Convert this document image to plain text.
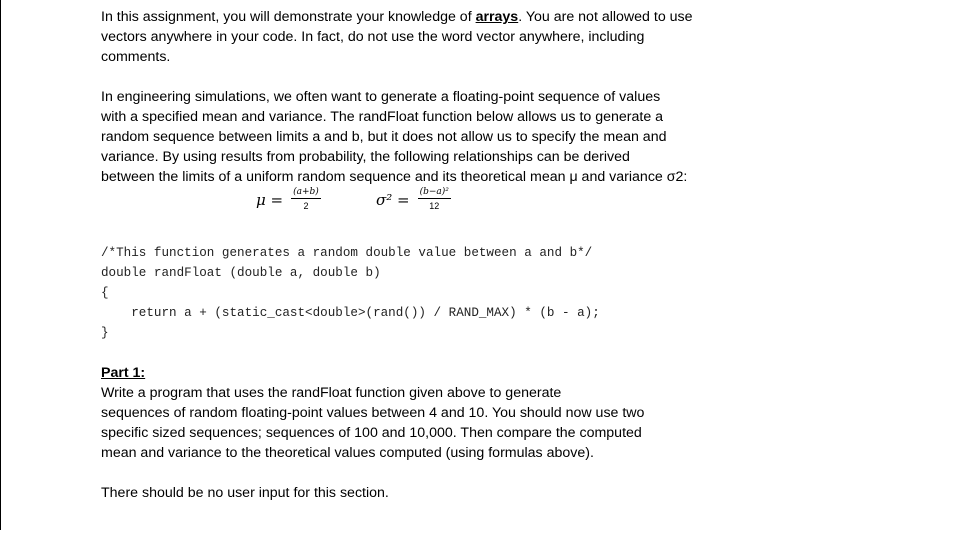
In this assignment, you will demonstrate your knowledge of arrays. You are not allowed to use
vectors anywhere in your code. In fact, do not use the word vector anywhere, including
comments.
In engineering simulations, we often want to generate a floating-point sequence of values
with a specified mean and variance. The randFloat function below allows us to generate a
random sequence between limits a and b, but it does not allow us to specify the mean and
variance. By using results from probability, the following relationships can be derived
between the limits of a uniform random sequence and its theoretical mean μ and variance σ2:
$\mu = \frac{(a+b)}{2}$	$\sigma^2 = \frac{\text{(b−a)²}}{12}$
/*This function generates a random double value between a and b*/
double randFloat (double a, double b)
{
return a + (static_cast<double>(rand()) / RAND_MAX) * (b - a);
}
Part 1:
Write a program that uses the randFloat function given above to generate
sequences of random floating-point values between 4 and 10. You should now use two
specific sized sequences; sequences of 100 and 10,000. Then compare the computed
mean and variance to the theoretical values computed (using formulas above).
There should be no user input for this section.
